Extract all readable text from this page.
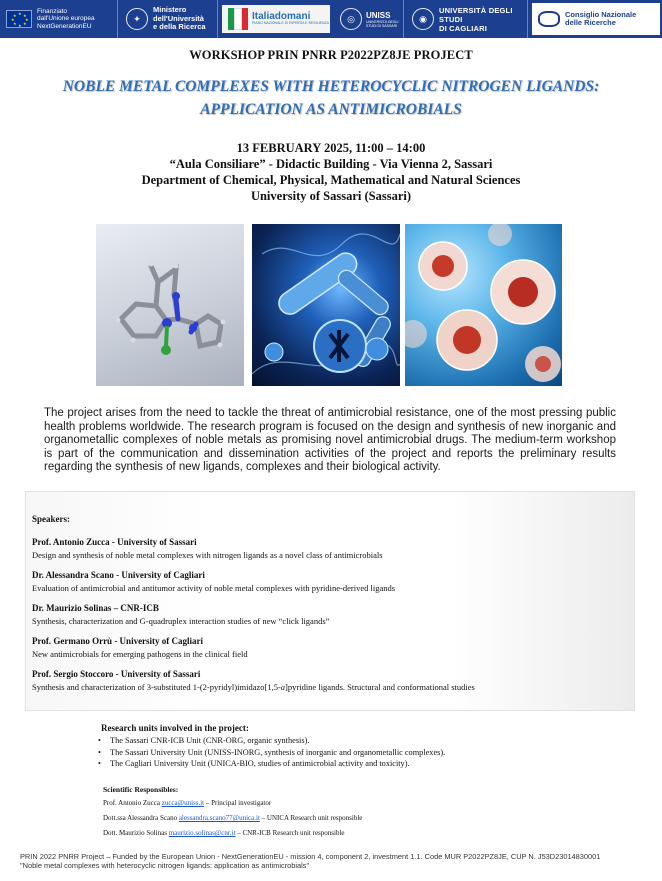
★ ★
★
★
★
★
★
★
Finanziato
dall'Unione europea
NextGenerationEU
✦
Ministero
dell'Università
e della Ricerca
Italiadomani
PIANO NAZIONALE DI RIPRESA E RESILIENZA	◎	UNISS
UNIVERSITÀ DEGLI STUDI DI SASSARI
◉
UNIVERSITÀ DEGLI STUDI
DI CAGLIARI
Consiglio Nazionale
delle Ricerche
WORKSHOP PRIN PNRR P2022PZ8JE PROJECT
NOBLE METAL COMPLEXES WITH HETEROCYCLIC NITROGEN LIGANDS:
APPLICATION AS ANTIMICROBIALS
13 FEBRUARY 2025, 11:00 – 14:00
“Aula Consiliare” - Didactic Building - Via Vienna 2, Sassari
Department of Chemical, Physical, Mathematical and Natural Sciences
University of Sassari (Sassari)

The project arises from the need to tackle the threat of antimicrobial resistance, one of the most pressing public health problems worldwide. The research program is focused on the design and synthesis of new inorganic and organometallic complexes of noble metals as promising novel antimicrobial drugs. The medium-term workshop is part of the communication and dissemination activities of the project and reports the preliminary results regarding the synthesis of new ligands, complexes and their biological activity.

Speakers:
Prof. Antonio Zucca - University of Sassari
Design and synthesis of noble metal complexes with nitrogen ligands as a novel class of antimicrobials
Dr. Alessandra Scano - University of Cagliari
Evaluation of antimicrobial and antitumor activity of noble metal complexes with pyridine-derived ligands
Dr. Maurizio Solinas – CNR-ICB
Synthesis, characterization and G-quadruplex interaction studies of new “click ligands”
Prof. Germano Orrù - University of Cagliari
New antimicrobials for emerging pathogens in the clinical field
Prof. Sergio Stoccoro - University of Sassari
Synthesis and characterization of 3-substituted 1-(2-pyridyl)imidazo[1,5-a]pyridine ligands. Structural and conformational studies
Research units involved in the project:
• The Sassari CNR-ICB Unit (CNR-ORG, organic synthesis).
• The Sassari University Unit (UNISS-INORG, synthesis of inorganic and organometallic complexes).
• The Cagliari University Unit (UNICA-BIO, studies of antimicrobial activity and toxicity).
Scientific Responsibles:
Prof. Antonio Zucca zucca@uniss.it – Principal investigator
Dott.ssa Alessandra Scano alessandra.scano77@unica.it – UNICA Research unit responsible
Dott. Maurizio Solinas maurizio.solinas@cnr.it – CNR-ICB Research unit responsible
PRIN 2022 PNRR Project – Funded by the European Union - NextGenerationEU - mission 4, component 2, investment 1.1. Code MUR P2022PZ8JE, CUP N. J53D23014830001
"Noble metal complexes with heterocyclic nitrogen ligands: application as antimicrobials"
